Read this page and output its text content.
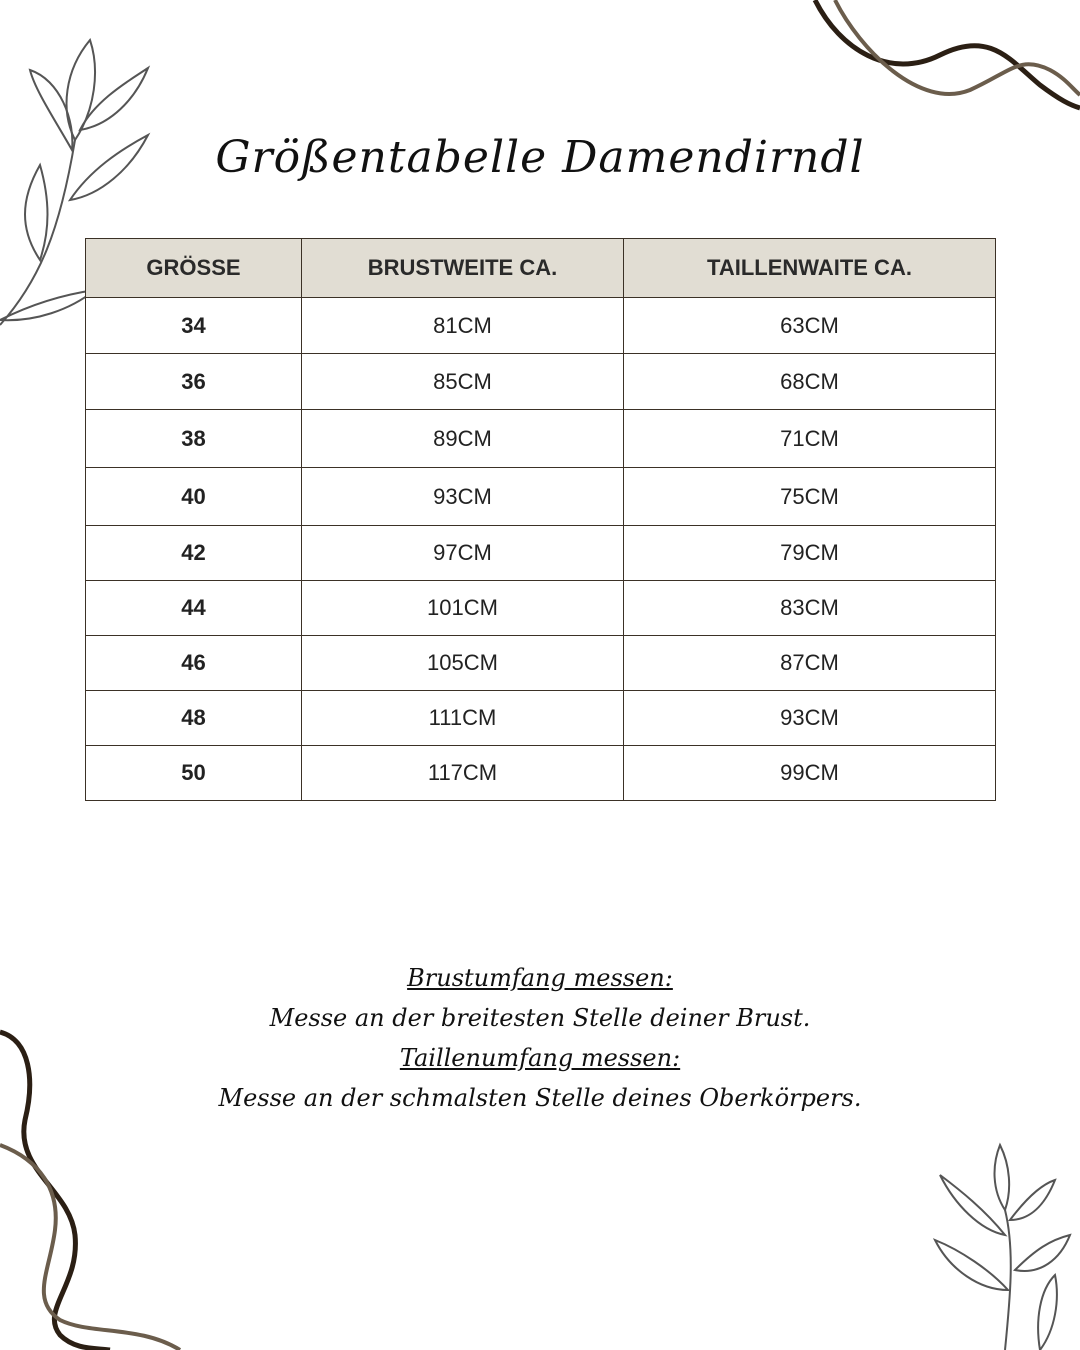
Größentabelle Damendirndl
GRÖSSE	BRUSTWEITE CA.	TAILLENWAITE CA.
34	81CM	63CM
36	85CM	68CM
38	89CM	71CM
40	93CM	75CM
42	97CM	79CM
44	101CM	83CM
46	105CM	87CM
48	111CM	93CM
50	117CM	99CM
Brustumfang messen:
Messe an der breitesten Stelle deiner Brust.
Taillenumfang messen:
Messe an der schmalsten Stelle deines Oberkörpers.
